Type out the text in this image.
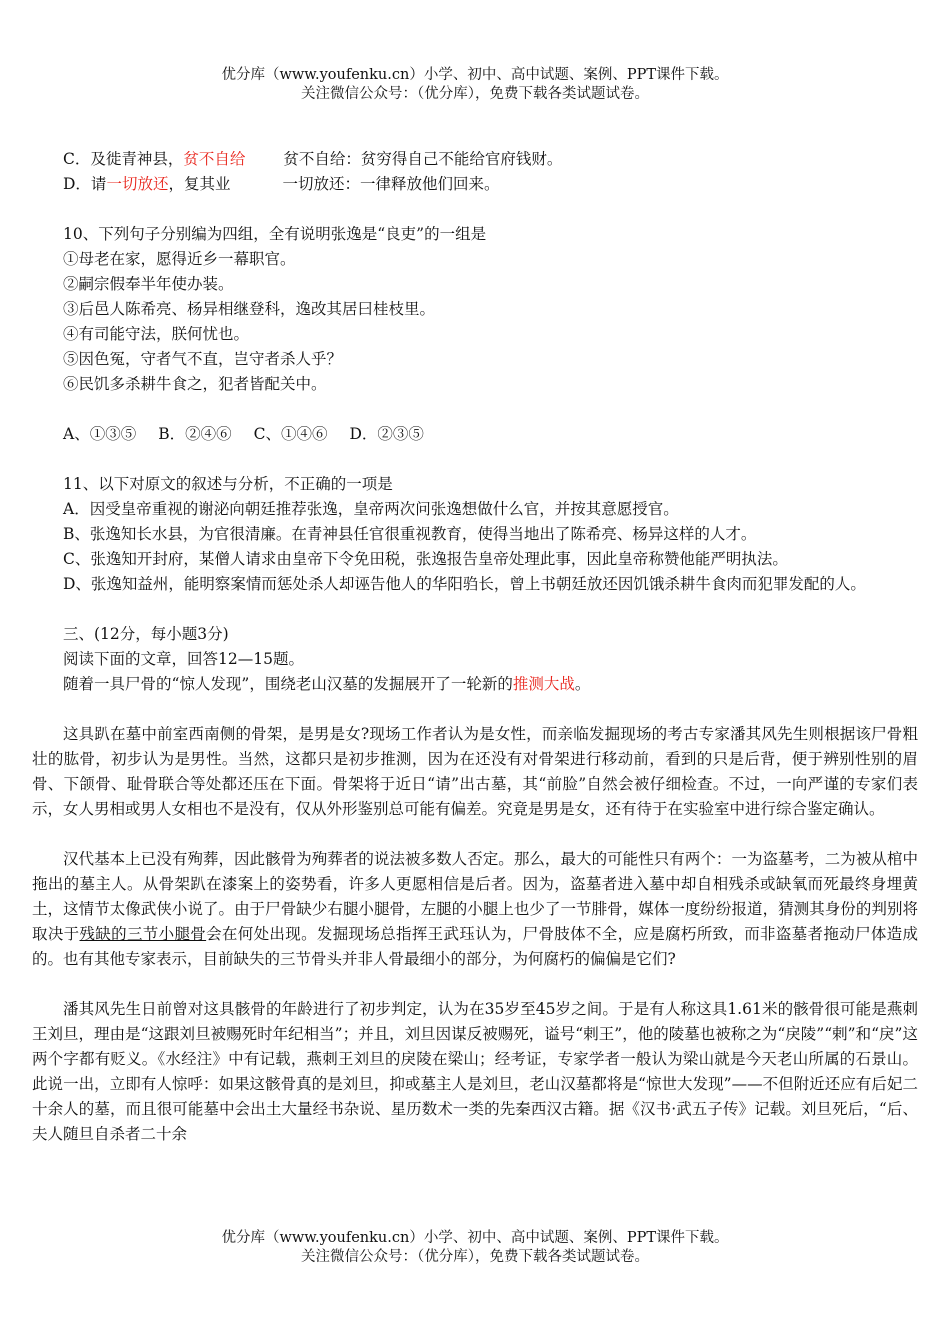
优分库（www.youfenku.cn）小学、初中、高中试题、案例、PPT课件下载。
关注微信公众号：（优分库），免费下载各类试题试卷。

C．及徙青神县，贫不自给 贫不自给：贫穷得自己不能给官府钱财。

D．请一切放还，复其业	一切放还：一律释放他们回来。

10、下列句子分别编为四组，全有说明张逸是“良吏”的一组是

①母老在家，愿得近乡一幕职官。

②嗣宗假奉半年使办装。

③后邑人陈希亮、杨异相继登科，逸改其居曰桂枝里。

④有司能守法，朕何忧也。

⑤因色冤，守者气不直，岂守者杀人乎？

⑥民饥多杀耕牛食之，犯者皆配关中。

A、①③⑤ B．②④⑥ C、①④⑥ D．②③⑤

11、以下对原文的叙述与分析，不正确的一项是

A．因受皇帝重视的谢泌向朝廷推荐张逸，皇帝两次问张逸想做什么官，并按其意愿授官。

B、张逸知长水县，为官很清廉。在青神县任官很重视教育，使得当地出了陈希亮、杨异这样的人才。

C、张逸知开封府，某僧人请求由皇帝下令免田税，张逸报告皇帝处理此事，因此皇帝称赞他能严明执法。

D、张逸知益州，能明察案情而惩处杀人却诬告他人的华阳驺长，曾上书朝廷放还因饥饿杀耕牛食肉而犯罪发配的人。

三、(12分，每小题3分)

阅读下面的文章，回答12—15题。

随着一具尸骨的“惊人发现”，围绕老山汉墓的发掘展开了一轮新的推测大战。

这具趴在墓中前室西南侧的骨架，是男是女?现场工作者认为是女性，而亲临发掘现场的考古专家潘其风先生则根据该尸骨粗壮的肱骨，初步认为是男性。当然，这都只是初步推测，因为在还没有对骨架进行移动前，看到的只是后背，便于辨别性别的眉骨、下颌骨、耻骨联合等处都还压在下面。骨架将于近日“请”出古墓，其“前脸”自然会被仔细检查。不过，一向严谨的专家们表示，女人男相或男人女相也不是没有，仅从外形鉴别总可能有偏差。究竟是男是女，还有待于在实验室中进行综合鉴定确认。

汉代基本上已没有殉葬，因此骸骨为殉葬者的说法被多数人否定。那么，最大的可能性只有两个：一为盗墓考，二为被从棺中拖出的墓主人。从骨架趴在漆案上的姿势看，许多人更愿相信是后者。因为，盗墓者进入墓中却自相残杀或缺氧而死最终身埋黄土，这情节太像武侠小说了。由于尸骨缺少右腿小腿骨，左腿的小腿上也少了一节腓骨，媒体一度纷纷报道，猜测其身份的判别将取决于残缺的三节小腿骨会在何处出现。发掘现场总指挥王武珏认为，尸骨肢体不全，应是腐朽所致，而非盗墓者拖动尸体造成的。也有其他专家表示，目前缺失的三节骨头并非人骨最细小的部分，为何腐朽的偏偏是它们?

潘其风先生日前曾对这具骸骨的年龄进行了初步判定，认为在35岁至45岁之间。于是有人称这具1.61米的骸骨很可能是燕刺王刘旦，理由是“这跟刘旦被赐死时年纪相当”；并且，刘旦因谋反被赐死，谥号“剌王”，他的陵墓也被称之为“戾陵”“剌”和“戾”这两个字都有贬义。《水经注》中有记载，燕刺王刘旦的戾陵在梁山；经考证，专家学者一般认为梁山就是今天老山所属的石景山。此说一出，立即有人惊呼：如果这骸骨真的是刘旦，抑或墓主人是刘旦，老山汉墓都将是“惊世大发现”——不但附近还应有后妃二十余人的墓，而且很可能墓中会出土大量经书杂说、星历数术一类的先秦西汉古籍。据《汉书·武五子传》记载。刘旦死后，“后、夫人随旦自杀者二十余

优分库（www.youfenku.cn）小学、初中、高中试题、案例、PPT课件下载。
关注微信公众号：（优分库），免费下载各类试题试卷。
